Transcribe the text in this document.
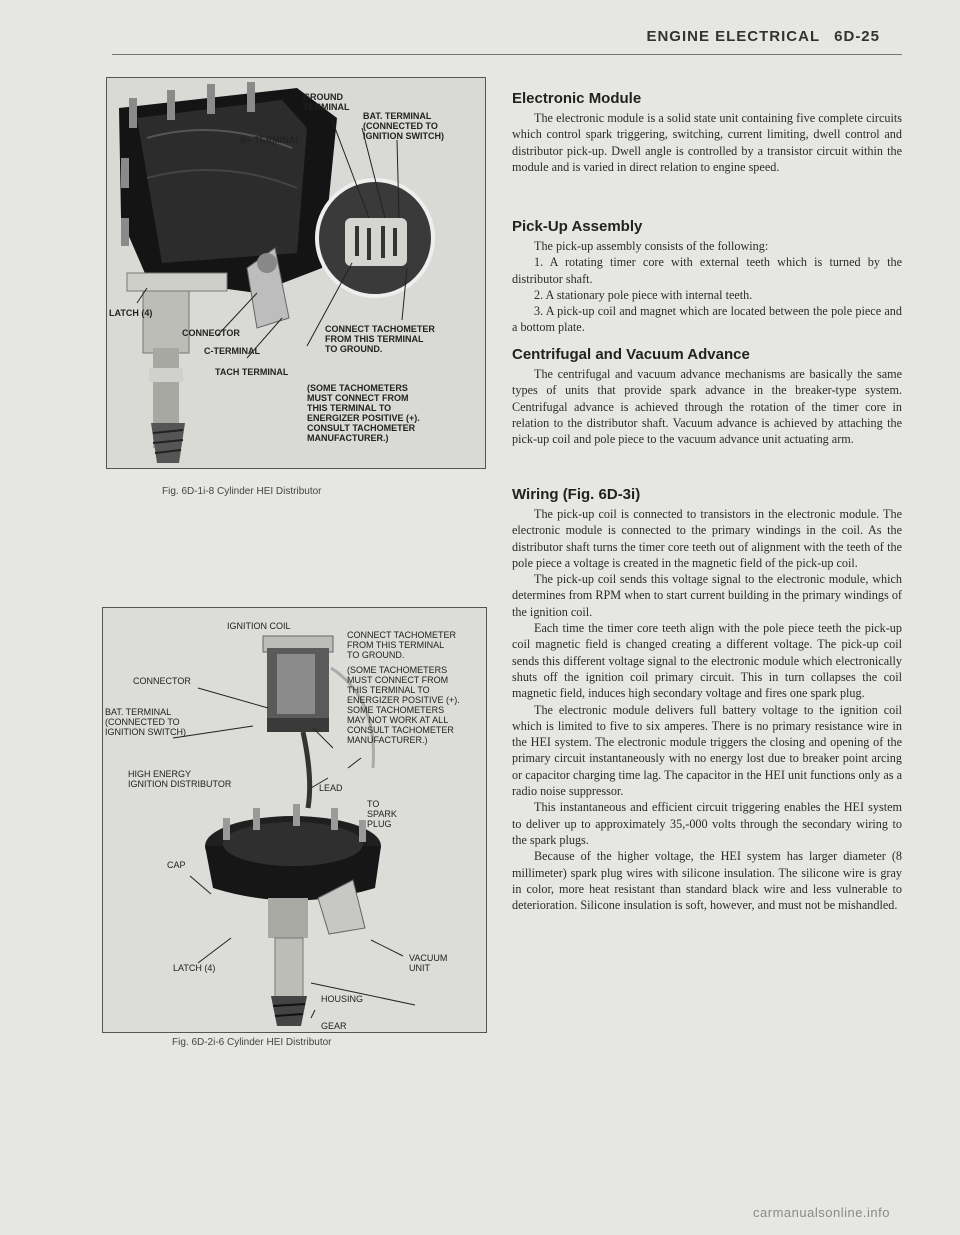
ENGINE ELECTRICAL 6D-25
GROUND
TERMINAL
BAT. TERMINAL
(CONNECTED TO
IGNITION SWITCH)
B+ TERMINAL
LATCH (4)
CONNECTOR
C-TERMINAL
TACH TERMINAL
CONNECT TACHOMETER
FROM THIS TERMINAL
TO GROUND.
(SOME TACHOMETERS
MUST CONNECT FROM
THIS TERMINAL TO
ENERGIZER POSITIVE (+).
CONSULT TACHOMETER
MANUFACTURER.)
Fig. 6D-1i-8 Cylinder HEI Distributor
IGNITION COIL
CONNECT TACHOMETER
FROM THIS TERMINAL
TO GROUND.
(SOME TACHOMETERS
MUST CONNECT FROM
THIS TERMINAL TO
ENERGIZER POSITIVE (+).
SOME TACHOMETERS
MAY NOT WORK AT ALL
CONSULT TACHOMETER
MANUFACTURER.)
CONNECTOR
BAT. TERMINAL
(CONNECTED TO
IGNITION SWITCH)
HIGH ENERGY
IGNITION DISTRIBUTOR	LEAD
TO
SPARK
PLUG
CAP
LATCH (4)
VACUUM
UNIT
HOUSING
GEAR
Fig. 6D-2i-6 Cylinder HEI Distributor
Electronic Module

The electronic module is a solid state unit containing five complete circuits which control spark triggering, switching, current limiting, dwell control and distributor pick-up. Dwell angle is controlled by a transistor circuit within the module and is varied in direct relation to engine speed.

Pick-Up Assembly

The pick-up assembly consists of the following:

1. A rotating timer core with external teeth which is turned by the distributor shaft.

2. A stationary pole piece with internal teeth.

3. A pick-up coil and magnet which are located between the pole piece and a bottom plate.

Centrifugal and Vacuum Advance

The centrifugal and vacuum advance mechanisms are basically the same types of units that provide spark advance in the breaker-type system. Centrifugal advance is achieved through the rotation of the timer core in relation to the distributor shaft. Vacuum advance is achieved by attaching the pick-up coil and pole piece to the vacuum advance unit actuating arm.

Wiring (Fig. 6D-3i)

The pick-up coil is connected to transistors in the electronic module. The electronic module is connected to the primary windings in the coil. As the distributor shaft turns the timer core teeth out of alignment with the teeth of the pole piece a voltage is created in the magnetic field of the pick-up coil.

The pick-up coil sends this voltage signal to the electronic module, which determines from RPM when to start current building in the primary windings of the ignition coil.

Each time the timer core teeth align with the pole piece teeth the pick-up coil magnetic field is changed creating a different voltage. The pick-up coil sends this different voltage signal to the electronic module which electronically shuts off the ignition coil primary circuit. This in turn collapses the coil magnetic field, induces high secondary voltage and fires one spark plug.

The electronic module delivers full battery voltage to the ignition coil which is limited to five to six amperes. There is no primary resistance wire in the HEI system. The electronic module triggers the closing and opening of the primary circuit instantaneously with no energy lost due to breaker point arcing or capacitor charging time lag. The capacitor in the HEI unit functions only as a radio noise suppressor.

This instantaneous and efficient circuit triggering enables the HEI system to deliver up to approximately 35,-000 volts through the secondary wiring to the spark plugs.

Because of the higher voltage, the HEI system has larger diameter (8 millimeter) spark plug wires with silicone insulation. The silicone wire is gray in color, more heat resistant than standard black wire and less vulnerable to deterioration. Silicone insulation is soft, however, and must not be mishandled.

carmanualsonline.info
